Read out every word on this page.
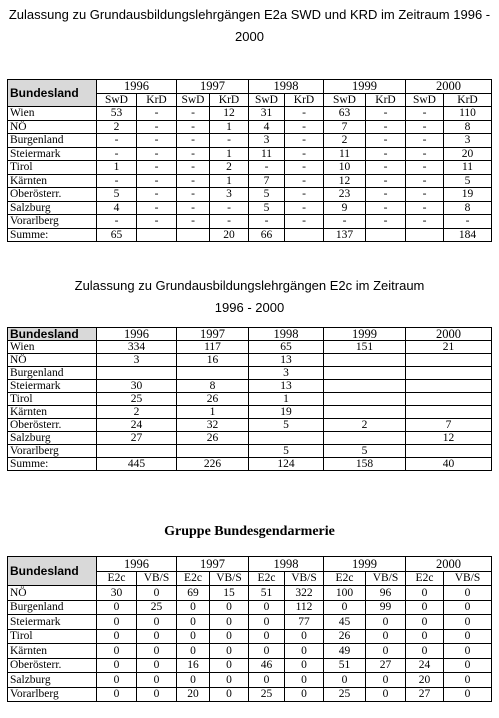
Zulassung zu Grundausbildungslehrgängen E2a SWD und KRD im Zeitraum 1996 -
2000
Bundesland	1996		1997		1998		1999		2000	
	SwD	KrD	SwD	KrD	SwD	KrD	SwD	KrD	SwD	KrD
Wien	53	-	-	12	31	-	63	-	-	110
NÖ	2	-	-	1	4	-	7	-	-	8
Burgenland	-	-	-	-	3	-	2	-	-	3
Steiermark	-	-	-	1	11	-	11	-	-	20
Tirol	1	-	-	2	-	-	10	-	-	11
Kärnten	-	-	-	1	7	-	12	-	-	5
Oberösterr.	5	-	-	3	5	-	23	-	-	19
Salzburg	4	-	-	-	5	-	9	-	-	8
Vorarlberg	-	-	-	-	-	-	-	-	-	-
Summe:	65			20	66		137			184
Zulassung zu Grundausbildungslehrgängen E2c im Zeitraum
1996 - 2000
Bundesland	1996	1997	1998	1999	2000
Wien	334	117	65	151	21
NÖ	3	16	13		
Burgenland			3		
Steiermark	30	8	13		
Tirol	25	26	1		
Kärnten	2	1	19		
Oberösterr.	24	32	5	2	7
Salzburg	27	26			12
Vorarlberg			5	5	
Summe:	445	226	124	158	40
Gruppe Bundesgendarmerie
Bundesland	1996		1997		1998		1999		2000	
	E2c	VB/S	E2c	VB/S	E2c	VB/S	E2c	VB/S	E2c	VB/S
NÖ	30	0	69	15	51	322	100	96	0	0
Burgenland	0	25	0	0	0	112	0	99	0	0
Steiermark	0	0	0	0	0	77	45	0	0	0
Tirol	0	0	0	0	0	0	26	0	0	0
Kärnten	0	0	0	0	0	0	49	0	0	0
Oberösterr.	0	0	16	0	46	0	51	27	24	0
Salzburg	0	0	0	0	0	0	0	0	20	0
Vorarlberg	0	0	20	0	25	0	25	0	27	0
